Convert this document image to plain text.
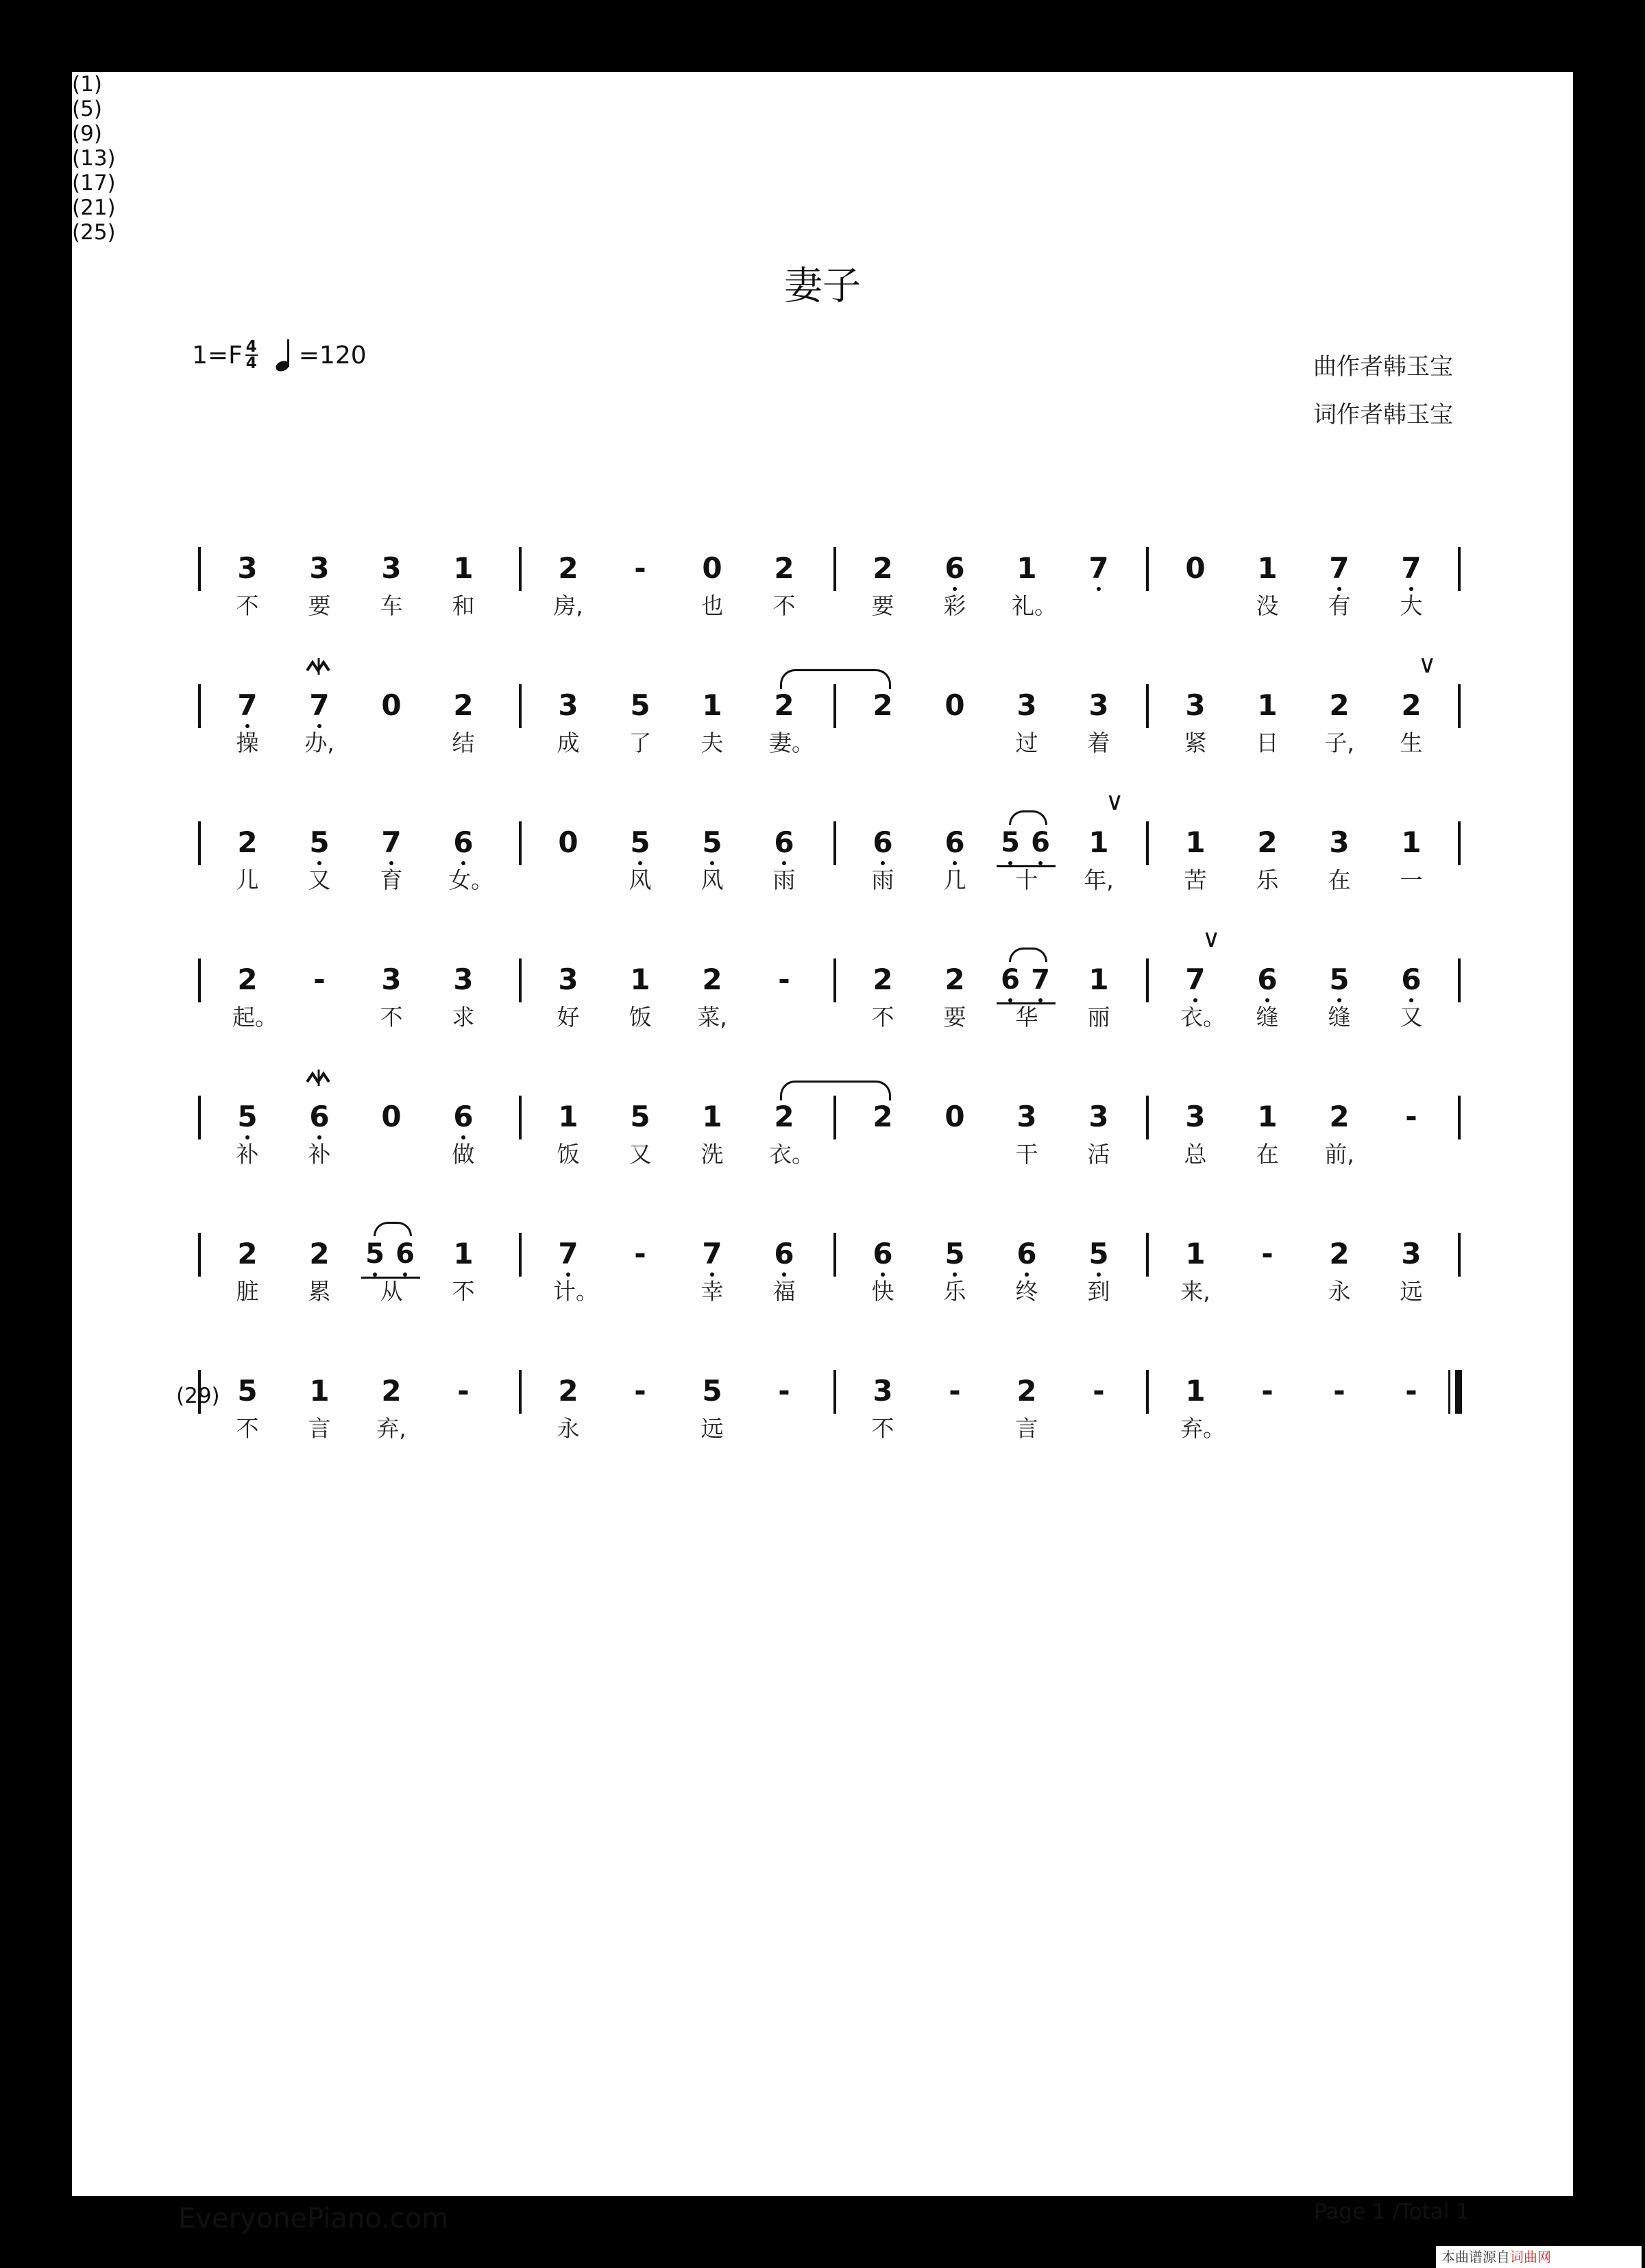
妻子
$1=F \frac{4}{4} =120$	曲作者韩玉宝
词作者韩玉宝
(1)
3 3 3 1	2 - 0 2	2 6 1 7	0 1 7 7
不 要 车 和	房,	也 不	要 彩 礼。	没 有 大
(5)
7 7 0 2	3 5 1 2	2 0 3 3	3 1 2 2
操 办,	结	成 了 夫 妻。	过 着	紧 日 子, 生
∨
(9)
2 5 7 6	0 5 5 6	6 6 5 6 1	1 2 3 1
儿 又 育 女。	风 风 雨	雨 几 十 年,	苦 乐 在 一
∨
(13)
2 - 3 3	3 1 2 -	2 2 6 7 1	7 6 5 6
起。	不 求	好 饭 菜,	不 要 华 丽	衣。 缝 缝 又
∨
(17)
5 6 0 6	1 5 1 2	2 0 3 3	3 1 2 -
补 补	做	饭 又 洗 衣。	干 活	总 在 前,
(21)
2 2 5 6 1	7 - 7 6	6 5 6 5	1 - 2 3
脏 累 从 不	计。	幸 福	快 乐 终 到	来,	永 远
(25)
5 1 2 -	2 - 5 -	3 - 2 -	1 - - -
不 言 弃,	永	远	不	言	弃。
(29)
EveryonePiano.com	Page 1 /Total 1
本曲谱源自词曲网
